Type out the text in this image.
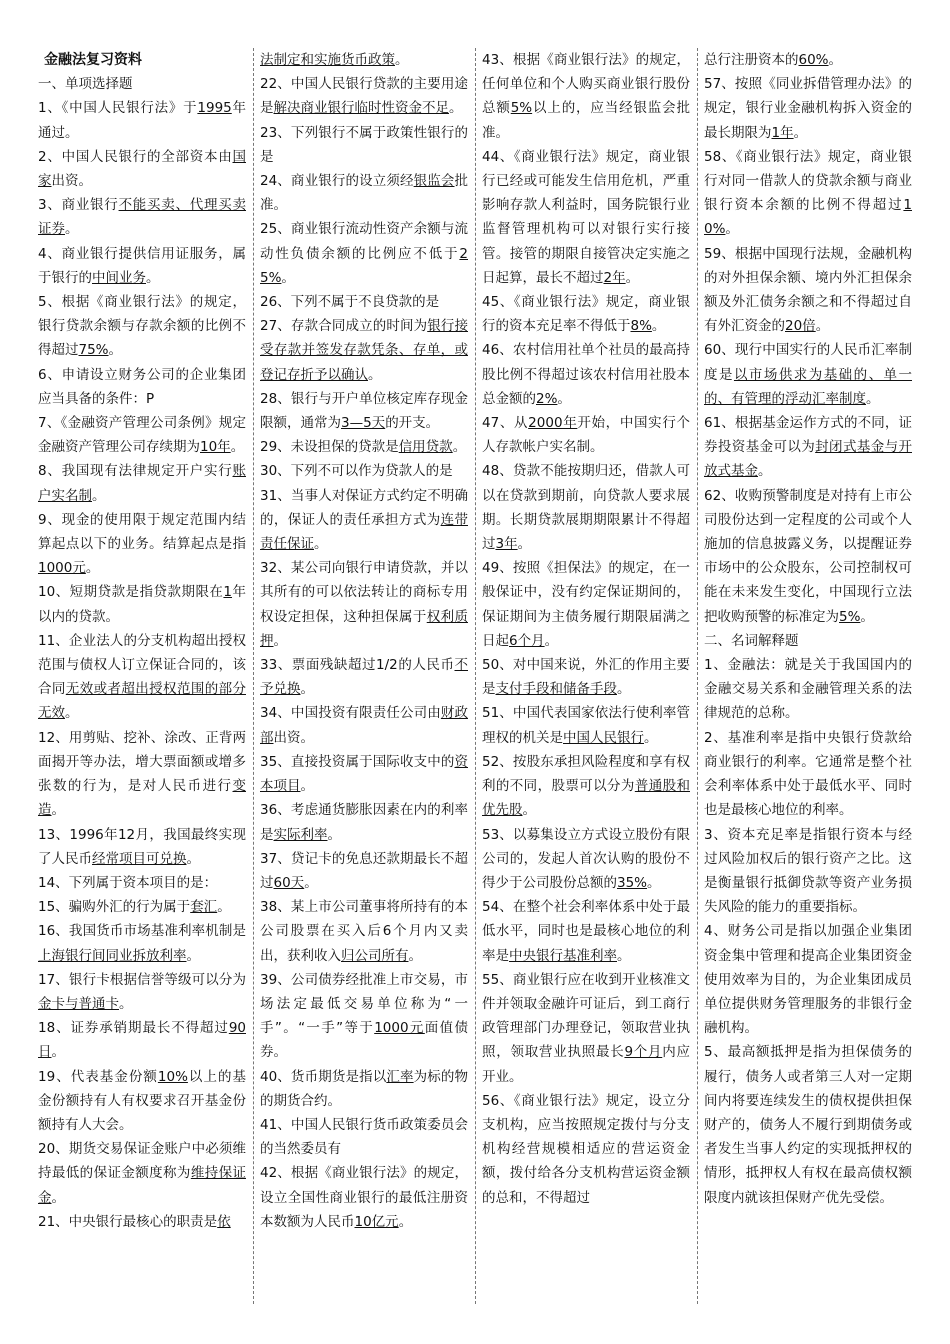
金融法复习资料

一、单项选择题

1、《中国人民银行法》于1995年通过。

2、中国人民银行的全部资本由国家出资。

3、商业银行不能买卖、代理买卖证券。

4、商业银行提供信用证服务，属于银行的中间业务。

5、根据《商业银行法》的规定，银行贷款余额与存款余额的比例不得超过75%。

6、申请设立财务公司的企业集团应当具备的条件：P

7、《金融资产管理公司条例》规定金融资产管理公司存续期为10年。

8、我国现有法律规定开户实行账户实名制。

9、现金的使用限于规定范围内结算起点以下的业务。结算起点是指1000元。

10、短期贷款是指贷款期限在1年以内的贷款。

11、企业法人的分支机构超出授权范围与债权人订立保证合同的，该合同无效或者超出授权范围的部分无效。

12、用剪贴、挖补、涂改、正背两面揭开等办法，增大票面额或增多张数的行为，是对人民币进行变造。

13、1996年12月，我国最终实现了人民币经常项目可兑换。

14、下列属于资本项目的是：

15、骗购外汇的行为属于套汇。

16、我国货币市场基准利率机制是上海银行间同业拆放利率。

17、银行卡根据信誉等级可以分为金卡与普通卡。

18、证券承销期最长不得超过90日。

19、代表基金份额10%以上的基金份额持有人有权要求召开基金份额持有人大会。

20、期货交易保证金账户中必须维持最低的保证金额度称为维持保证金。

21、中央银行最核心的职责是依

法制定和实施货币政策。

22、中国人民银行贷款的主要用途是解决商业银行临时性资金不足。

23、下列银行不属于政策性银行的是

24、商业银行的设立须经银监会批准。

25、商业银行流动性资产余额与流动性负债余额的比例应不低于25%。

26、下列不属于不良贷款的是

27、存款合同成立的时间为银行接受存款并签发存款凭条、存单，或登记存折予以确认。

28、银行与开户单位核定库存现金限额，通常为3—5天的开支。

29、未设担保的贷款是信用贷款。

30、下列不可以作为贷款人的是

31、当事人对保证方式约定不明确的，保证人的责任承担方式为连带责任保证。

32、某公司向银行申请贷款，并以其所有的可以依法转让的商标专用权设定担保，这种担保属于权利质押。

33、票面残缺超过1/2的人民币不予兑换。

34、中国投资有限责任公司由财政部出资。

35、直接投资属于国际收支中的资本项目。

36、考虑通货膨胀因素在内的利率是实际利率。

37、贷记卡的免息还款期最长不超过60天。

38、某上市公司董事将所持有的本公司股票在买入后6个月内又卖出，获利收入归公司所有。

39、公司债券经批准上市交易，市场法定最低交易单位称为“一手”。“一手”等于1000元面值债券。

40、货币期货是指以汇率为标的物的期货合约。

41、中国人民银行货币政策委员会的当然委员有

42、根据《商业银行法》的规定，设立全国性商业银行的最低注册资本数额为人民币10亿元。

43、根据《商业银行法》的规定，任何单位和个人购买商业银行股份总额5%以上的，应当经银监会批准。

44、《商业银行法》规定，商业银行已经或可能发生信用危机，严重影响存款人利益时，国务院银行业监督管理机构可以对银行实行接管。接管的期限自接管决定实施之日起算，最长不超过2年。

45、《商业银行法》规定，商业银行的资本充足率不得低于8%。

46、农村信用社单个社员的最高持股比例不得超过该农村信用社股本总金额的2%。

47、从2000年开始，中国实行个人存款帐户实名制。

48、贷款不能按期归还，借款人可以在贷款到期前，向贷款人要求展期。长期贷款展期期限累计不得超过3年。

49、按照《担保法》的规定，在一般保证中，没有约定保证期间的，保证期间为主债务履行期限届满之日起6个月。

50、对中国来说，外汇的作用主要是支付手段和储备手段。

51、中国代表国家依法行使利率管理权的机关是中国人民银行。

52、按股东承担风险程度和享有权利的不同，股票可以分为普通股和优先股。

53、以募集设立方式设立股份有限公司的，发起人首次认购的股份不得少于公司股份总额的35%。

54、在整个社会利率体系中处于最低水平，同时也是最核心地位的利率是中央银行基准利率。

55、商业银行应在收到开业核准文件并领取金融许可证后，到工商行政管理部门办理登记，领取营业执照，领取营业执照最长9个月内应开业。

56、《商业银行法》规定，设立分支机构，应当按照规定拨付与分支机构经营规模相适应的营运资金额，拨付给各分支机构营运资金额的总和，不得超过

总行注册资本的60%。

57、按照《同业拆借管理办法》的规定，银行业金融机构拆入资金的最长期限为1年。

58、《商业银行法》规定，商业银行对同一借款人的贷款余额与商业银行资本余额的比例不得超过10%。

59、根据中国现行法规，金融机构的对外担保余额、境内外汇担保余额及外汇债务余额之和不得超过自有外汇资金的20倍。

60、现行中国实行的人民币汇率制度是以市场供求为基础的、单一的、有管理的浮动汇率制度。

61、根据基金运作方式的不同，证券投资基金可以为封闭式基金与开放式基金。

62、收购预警制度是对持有上市公司股份达到一定程度的公司或个人施加的信息披露义务，以提醒证券市场中的公众股东，公司控制权可能在未来发生变化，中国现行立法把收购预警的标准定为5%。

二、名词解释题

1、金融法：就是关于我国国内的金融交易关系和金融管理关系的法律规范的总称。

2、基准利率是指中央银行贷款给商业银行的利率。它通常是整个社会利率体系中处于最低水平、同时也是最核心地位的利率。

3、资本充足率是指银行资本与经过风险加权后的银行资产之比。这是衡量银行抵御贷款等资产业务损失风险的能力的重要指标。

4、财务公司是指以加强企业集团资金集中管理和提高企业集团资金使用效率为目的，为企业集团成员单位提供财务管理服务的非银行金融机构。

5、最高额抵押是指为担保债务的履行，债务人或者第三人对一定期间内将要连续发生的债权提供担保财产的，债务人不履行到期债务或者发生当事人约定的实现抵押权的情形，抵押权人有权在最高债权额限度内就该担保财产优先受偿。
